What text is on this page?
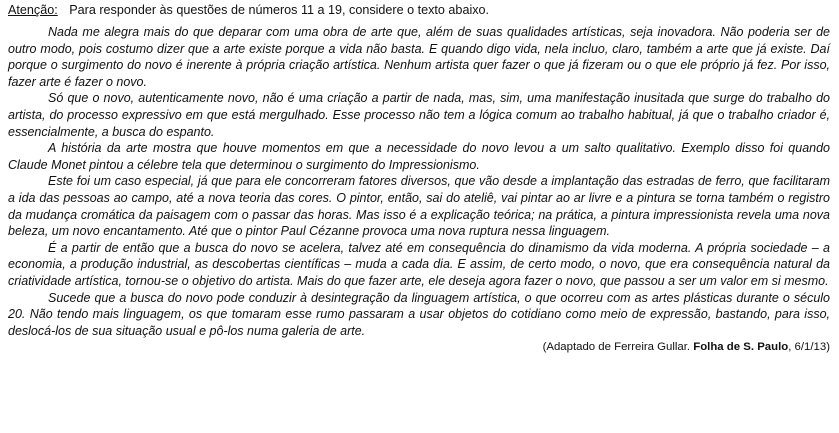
Atenção: Para responder às questões de números 11 a 19, considere o texto abaixo.

Nada me alegra mais do que deparar com uma obra de arte que, além de suas qualidades artísticas, seja inovadora. Não poderia ser de outro modo, pois costumo dizer que a arte existe porque a vida não basta. E quando digo vida, nela incluo, claro, também a arte que já existe. Daí porque o surgimento do novo é inerente à própria criação artística. Nenhum artista quer fazer o que já fizeram ou o que ele próprio já fez. Por isso, fazer arte é fazer o novo.

Só que o novo, autenticamente novo, não é uma criação a partir de nada, mas, sim, uma manifestação inusitada que surge do trabalho do artista, do processo expressivo em que está mergulhado. Esse processo não tem a lógica comum ao trabalho habitual, já que o trabalho criador é, essencialmente, a busca do espanto.

A história da arte mostra que houve momentos em que a necessidade do novo levou a um salto qualitativo. Exemplo disso foi quando Claude Monet pintou a célebre tela que determinou o surgimento do Impressionismo.

Este foi um caso especial, já que para ele concorreram fatores diversos, que vão desde a implantação das estradas de ferro, que facilitaram a ida das pessoas ao campo, até a nova teoria das cores. O pintor, então, sai do ateliê, vai pintar ao ar livre e a pintura se torna também o registro da mudança cromática da paisagem com o passar das horas. Mas isso é a explicação teórica; na prática, a pintura impressionista revela uma nova beleza, um novo encantamento. Até que o pintor Paul Cézanne provoca uma nova ruptura nessa linguagem.

É a partir de então que a busca do novo se acelera, talvez até em consequência do dinamismo da vida moderna. A própria sociedade – a economia, a produção industrial, as descobertas científicas – muda a cada dia. E assim, de certo modo, o novo, que era consequência natural da criatividade artística, tornou-se o objetivo do artista. Mais do que fazer arte, ele deseja agora fazer o novo, que passou a ser um valor em si mesmo.

Sucede que a busca do novo pode conduzir à desintegração da linguagem artística, o que ocorreu com as artes plásticas durante o século 20. Não tendo mais linguagem, os que tomaram esse rumo passaram a usar objetos do cotidiano como meio de expressão, bastando, para isso, deslocá-los de sua situação usual e pô-los numa galeria de arte.

(Adaptado de Ferreira Gullar. Folha de S. Paulo, 6/1/13)
